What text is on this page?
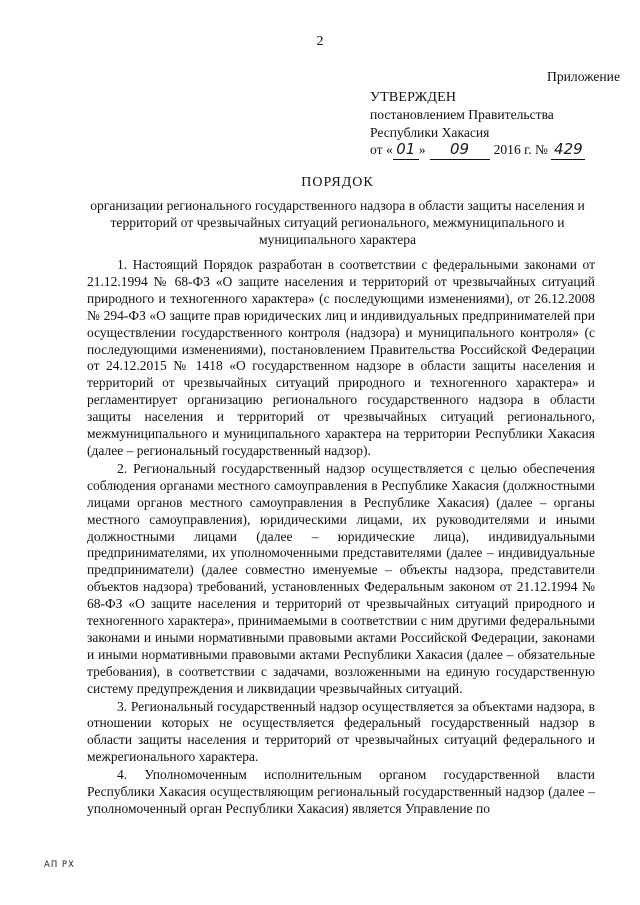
2
Приложение
УТВЕРЖДЕН
постановлением Правительства
Республики Хакасия
от « 01 » 09 2016 г. № 429
ПОРЯДОК
организации регионального государственного надзора в области защиты населения и территорий от чрезвычайных ситуаций регионального, межмуниципального и муниципального характера

1. Настоящий Порядок разработан в соответствии с федеральными законами от 21.12.1994 № 68-ФЗ «О защите населения и территорий от чрезвычайных ситуаций природного и техногенного характера» (с последующими изменениями), от 26.12.2008 № 294-ФЗ «О защите прав юридических лиц и индивидуальных предпринимателей при осуществлении государственного контроля (надзора) и муниципального контроля» (с последующими изменениями), постановлением Правительства Российской Федерации от 24.12.2015 № 1418 «О государственном надзоре в области защиты населения и территорий от чрезвычайных ситуаций природного и техногенного характера» и регламентирует организацию регионального государственного надзора в области защиты населения и территорий от чрезвычайных ситуаций регионального, межмуниципального и муниципального характера на территории Республики Хакасия (далее – региональный государственный надзор).

2. Региональный государственный надзор осуществляется с целью обеспечения соблюдения органами местного самоуправления в Республике Хакасия (должностными лицами органов местного самоуправления в Республике Хакасия) (далее – органы местного самоуправления), юридическими лицами, их руководителями и иными должностными лицами (далее – юридические лица), индивидуальными предпринимателями, их уполномоченными представителями (далее – индивидуальные предприниматели) (далее совместно именуемые – объекты надзора, представители объектов надзора) требований, установленных Федеральным законом от 21.12.1994 № 68-ФЗ «О защите населения и территорий от чрезвычайных ситуаций природного и техногенного характера», принимаемыми в соответствии с ним другими федеральными законами и иными нормативными правовыми актами Российской Федерации, законами и иными нормативными правовыми актами Республики Хакасия (далее – обязательные требования), в соответствии с задачами, возложенными на единую государственную систему предупреждения и ликвидации чрезвычайных ситуаций.

3. Региональный государственный надзор осуществляется за объектами надзора, в отношении которых не осуществляется федеральный государственный надзор в области защиты населения и территорий от чрезвычайных ситуаций федерального и межрегионального характера.

4. Уполномоченным исполнительным органом государственной власти Республики Хакасия осуществляющим региональный государственный надзор (далее – уполномоченный орган Республики Хакасия) является Управление по

АП РХ
